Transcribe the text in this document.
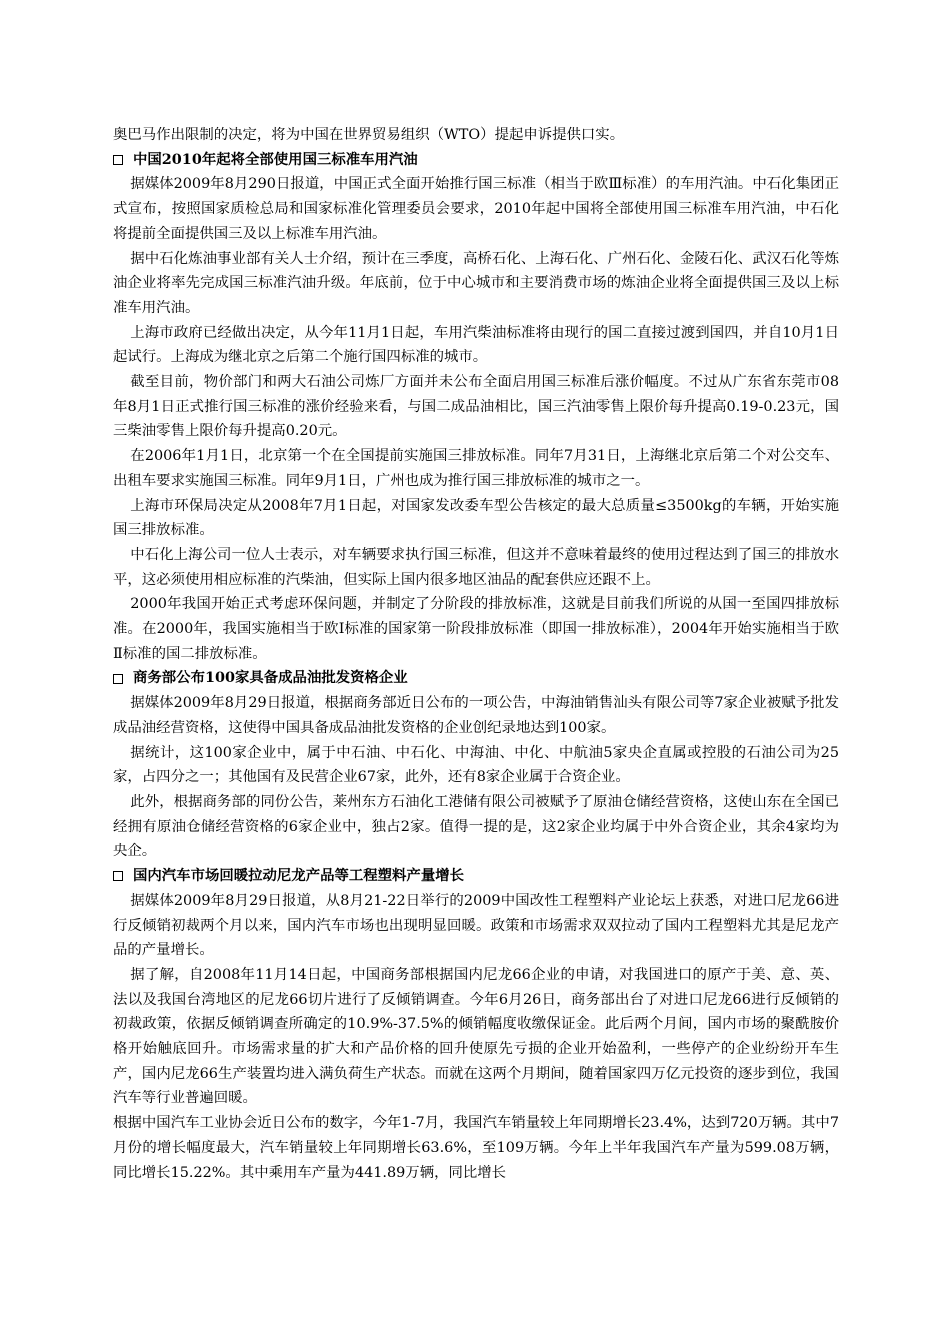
奥巴马作出限制的决定，将为中国在世界贸易组织（WTO）提起申诉提供口实。

中国2010年起将全部使用国三标准车用汽油

据媒体2009年8月290日报道，中国正式全面开始推行国三标准（相当于欧Ⅲ标准）的车用汽油。中石化集团正式宣布，按照国家质检总局和国家标准化管理委员会要求，2010年起中国将全部使用国三标准车用汽油，中石化将提前全面提供国三及以上标准车用汽油。

据中石化炼油事业部有关人士介绍，预计在三季度，高桥石化、上海石化、广州石化、金陵石化、武汉石化等炼油企业将率先完成国三标准汽油升级。年底前，位于中心城市和主要消费市场的炼油企业将全面提供国三及以上标准车用汽油。

上海市政府已经做出决定，从今年11月1日起，车用汽柴油标准将由现行的国二直接过渡到国四，并自10月1日起试行。上海成为继北京之后第二个施行国四标准的城市。

截至目前，物价部门和两大石油公司炼厂方面并未公布全面启用国三标准后涨价幅度。不过从广东省东莞市08年8月1日正式推行国三标准的涨价经验来看，与国二成品油相比，国三汽油零售上限价每升提高0.19-0.23元，国三柴油零售上限价每升提高0.20元。

在2006年1月1日，北京第一个在全国提前实施国三排放标准。同年7月31日，上海继北京后第二个对公交车、出租车要求实施国三标准。同年9月1日，广州也成为推行国三排放标准的城市之一。

上海市环保局决定从2008年7月1日起，对国家发改委车型公告核定的最大总质量≤3500kg的车辆，开始实施国三排放标准。

中石化上海公司一位人士表示，对车辆要求执行国三标准，但这并不意味着最终的使用过程达到了国三的排放水平，这必须使用相应标准的汽柴油，但实际上国内很多地区油品的配套供应还跟不上。

2000年我国开始正式考虑环保问题，并制定了分阶段的排放标准，这就是目前我们所说的从国一至国四排放标准。在2000年，我国实施相当于欧Ⅰ标准的国家第一阶段排放标准（即国一排放标准），2004年开始实施相当于欧Ⅱ标准的国二排放标准。

商务部公布100家具备成品油批发资格企业

据媒体2009年8月29日报道，根据商务部近日公布的一项公告，中海油销售汕头有限公司等7家企业被赋予批发成品油经营资格，这使得中国具备成品油批发资格的企业创纪录地达到100家。

据统计，这100家企业中，属于中石油、中石化、中海油、中化、中航油5家央企直属或控股的石油公司为25家，占四分之一；其他国有及民营企业67家，此外，还有8家企业属于合资企业。

此外，根据商务部的同份公告，莱州东方石油化工港储有限公司被赋予了原油仓储经营资格，这使山东在全国已经拥有原油仓储经营资格的6家企业中，独占2家。值得一提的是，这2家企业均属于中外合资企业，其余4家均为央企。

国内汽车市场回暖拉动尼龙产品等工程塑料产量增长

据媒体2009年8月29日报道，从8月21-22日举行的2009中国改性工程塑料产业论坛上获悉，对进口尼龙66进行反倾销初裁两个月以来，国内汽车市场也出现明显回暖。政策和市场需求双双拉动了国内工程塑料尤其是尼龙产品的产量增长。

据了解，自2008年11月14日起，中国商务部根据国内尼龙66企业的申请，对我国进口的原产于美、意、英、法以及我国台湾地区的尼龙66切片进行了反倾销调查。今年6月26日，商务部出台了对进口尼龙66进行反倾销的初裁政策，依据反倾销调查所确定的10.9%-37.5%的倾销幅度收缴保证金。此后两个月间，国内市场的聚酰胺价格开始触底回升。市场需求量的扩大和产品价格的回升使原先亏损的企业开始盈利，一些停产的企业纷纷开车生产，国内尼龙66生产装置均进入满负荷生产状态。而就在这两个月期间，随着国家四万亿元投资的逐步到位，我国汽车等行业普遍回暖。

根据中国汽车工业协会近日公布的数字，今年1-7月，我国汽车销量较上年同期增长23.4%，达到720万辆。其中7月份的增长幅度最大，汽车销量较上年同期增长63.6%，至109万辆。今年上半年我国汽车产量为599.08万辆，同比增长15.22%。其中乘用车产量为441.89万辆，同比增长
